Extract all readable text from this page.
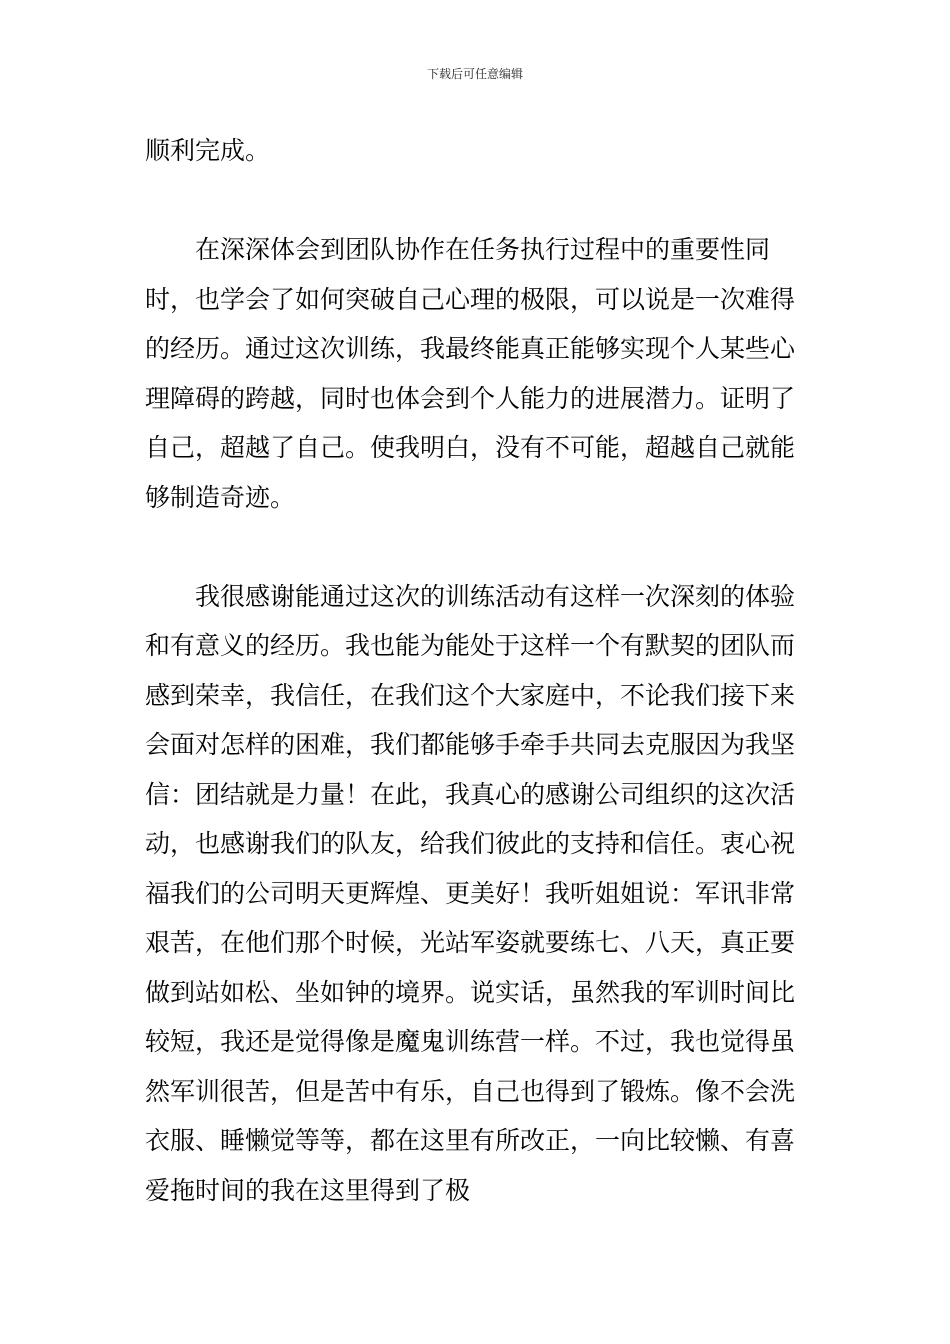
下载后可任意编辑

顺利完成。

在深深体会到团队协作在任务执行过程中的重要性同时，也学会了如何突破自己心理的极限，可以说是一次难得的经历。通过这次训练，我最终能真正能够实现个人某些心理障碍的跨越，同时也体会到个人能力的进展潜力。证明了自己，超越了自己。使我明白，没有不可能，超越自己就能够制造奇迹。

我很感谢能通过这次的训练活动有这样一次深刻的体验和有意义的经历。我也能为能处于这样一个有默契的团队而感到荣幸，我信任，在我们这个大家庭中，不论我们接下来会面对怎样的困难，我们都能够手牵手共同去克服因为我坚信：团结就是力量！在此，我真心的感谢公司组织的这次活动，也感谢我们的队友，给我们彼此的支持和信任。衷心祝福我们的公司明天更辉煌、更美好！我听姐姐说：军讯非常艰苦，在他们那个时候，光站军姿就要练七、八天，真正要做到站如松、坐如钟的境界。说实话，虽然我的军训时间比较短，我还是觉得像是魔鬼训练营一样。不过，我也觉得虽然军训很苦，但是苦中有乐，自己也得到了锻炼。像不会洗衣服、睡懒觉等等，都在这里有所改正，一向比较懒、有喜爱拖时间的我在这里得到了极
